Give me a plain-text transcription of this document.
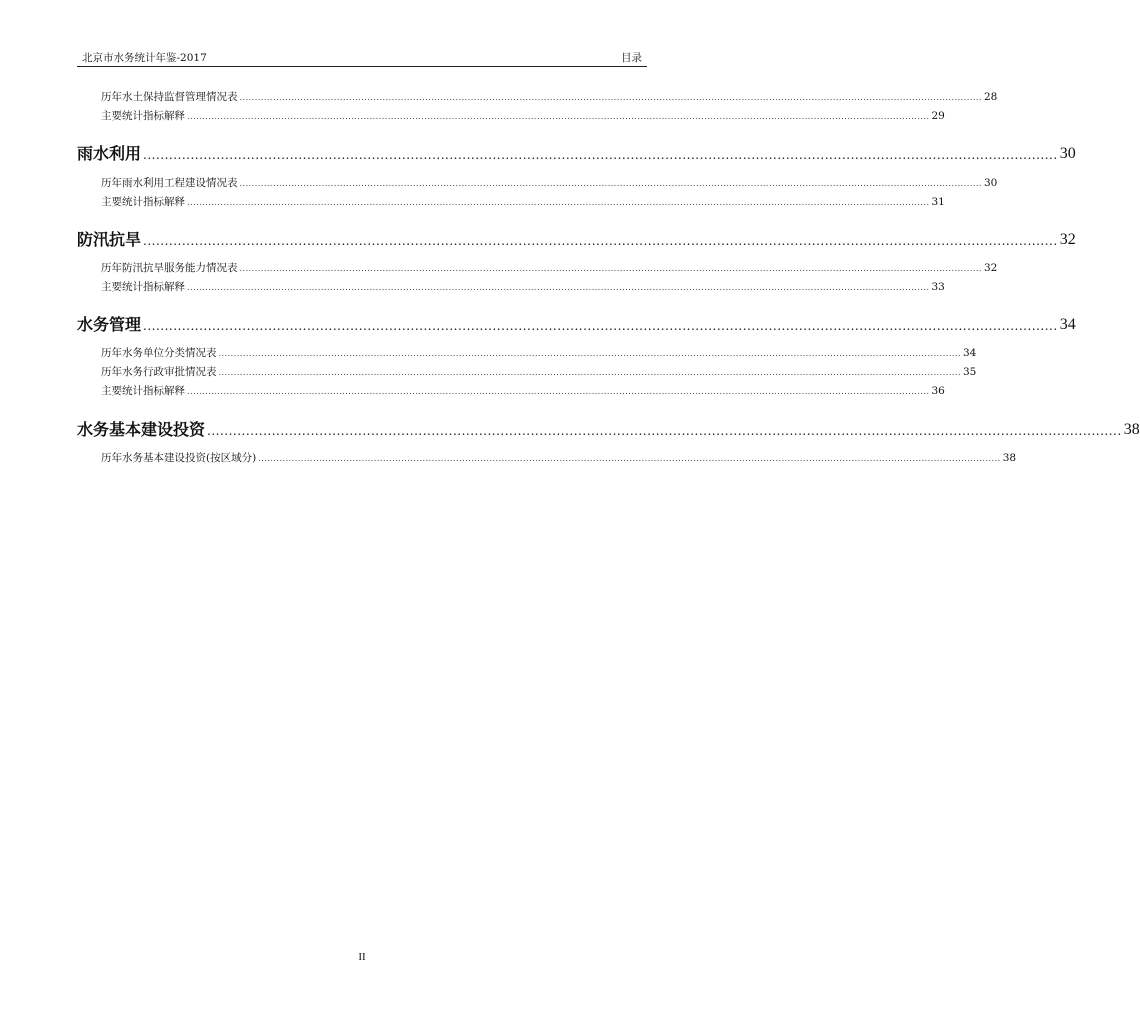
北京市水务统计年鉴-2017	目录
历年水土保持监督管理情况表 .................................................................................................................................................................................................................................................... 28
主要统计指标解释 .................................................................................................................................................................................................................................................... 29
雨水利用 .................................................................................................................................................................................................................... 30
历年雨水利用工程建设情况表 .................................................................................................................................................................................................................................................... 30
主要统计指标解释 .................................................................................................................................................................................................................................................... 31
防汛抗旱 .................................................................................................................................................................................................................... 32
历年防汛抗旱服务能力情况表 .................................................................................................................................................................................................................................................... 32
主要统计指标解释 .................................................................................................................................................................................................................................................... 33
水务管理 .................................................................................................................................................................................................................... 34
历年水务单位分类情况表 .................................................................................................................................................................................................................................................... 34
历年水务行政审批情况表 .................................................................................................................................................................................................................................................... 35
主要统计指标解释 .................................................................................................................................................................................................................................................... 36
水务基本建设投资 .................................................................................................................................................................................................................... 38
历年水务基本建设投资(按区域分) .................................................................................................................................................................................................................................................... 38
II
